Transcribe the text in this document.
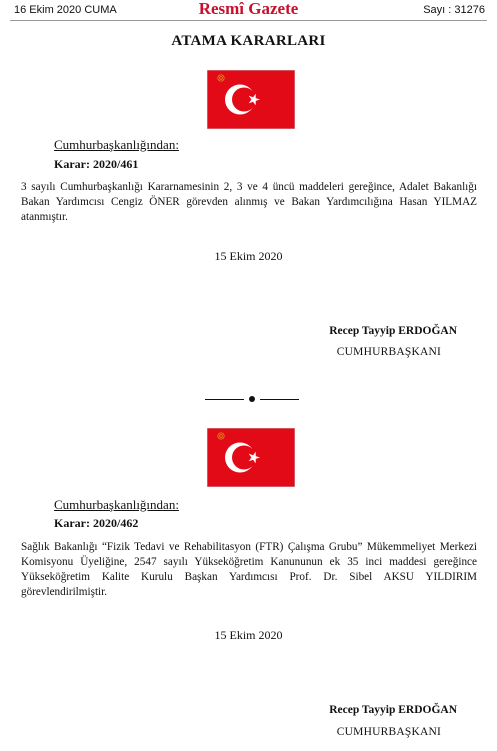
16 Ekim 2020 CUMA	Resmî Gazete	Sayı : 31276
ATAMA KARARLARI
Cumhurbaşkanlığından:
Karar: 2020/461
3 sayılı Cumhurbaşkanlığı Kararnamesinin 2, 3 ve 4 üncü maddeleri gereğince, Adalet Bakanlığı Bakan Yardımcısı Cengiz ÖNER görevden alınmış ve Bakan Yardımcılığına Hasan YILMAZ atanmıştır.
15 Ekim 2020
Recep Tayyip ERDOĞAN
CUMHURBAŞKANI
Cumhurbaşkanlığından:
Karar: 2020/462
Sağlık Bakanlığı “Fizik Tedavi ve Rehabilitasyon (FTR) Çalışma Grubu” Mükemmeliyet Merkezi Komisyonu Üyeliğine, 2547 sayılı Yükseköğretim Kanununun ek 35 inci maddesi gereğince Yükseköğretim Kalite Kurulu Başkan Yardımcısı Prof. Dr. Sibel AKSU YILDIRIM görevlendirilmiştir.
15 Ekim 2020
Recep Tayyip ERDOĞAN
CUMHURBAŞKANI
